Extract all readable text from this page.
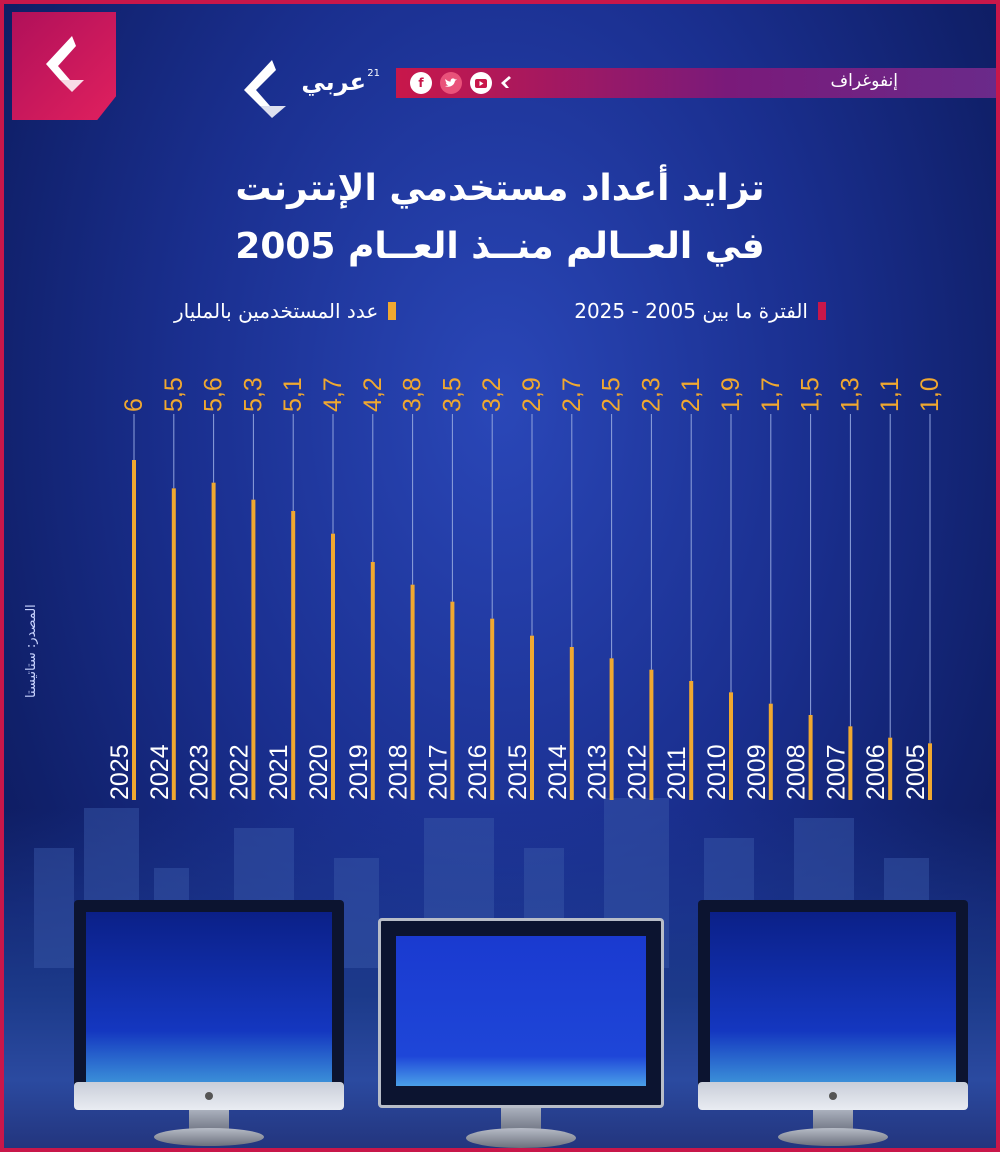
عربي 21
f	إنفوغراف
تزايد أعداد مستخدمي الإنترنت
في العــالم منــذ العــام 2005
الفترة ما بين 2005 - 2025
عدد المستخدمين بالمليار
المصدر: ستاتيستا
6
2025
5,5
2024
5,6
2023
5,3
2022
5,1
2021
4,7
2020
4,2
2019
3,8
2018
3,5
2017
3,2
2016
2,9
2015
2,7
2014
2,5
2013
2,3
2012
2,1
2011
1,9
2010
1,7
2009
1,5
2008
1,3
2007
1,1
2006
1,0
2005
